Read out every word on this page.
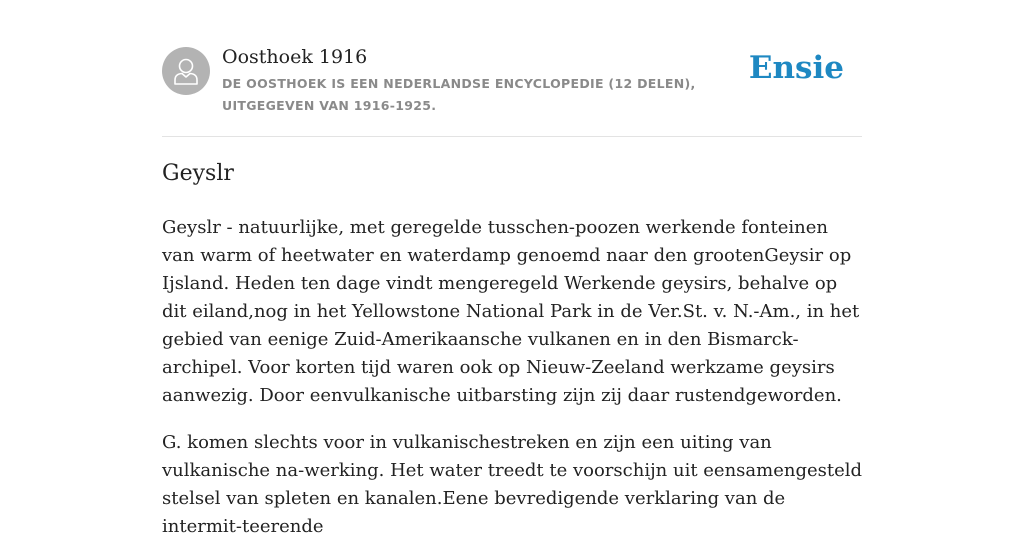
Oosthoek 1916
DE OOSTHOEK IS EEN NEDERLANDSE ENCYCLOPEDIE (12 DELEN), UITGEGEVEN VAN 1916-1925.
Ensie
Geyslr

Geyslr - natuurlijke, met geregelde tusschen-poozen werkende fonteinen van warm of heetwater en waterdamp genoemd naar den grootenGeysir op Ijsland. Heden ten dage vindt mengeregeld Werkende geysirs, behalve op dit eiland,nog in het Yellowstone National Park in de Ver.St. v. N.-Am., in het gebied van eenige Zuid-Amerikaansche vulkanen en in den Bismarck-archipel. Voor korten tijd waren ook op Nieuw-Zeeland werkzame geysirs aanwezig. Door eenvulkanische uitbarsting zijn zij daar rustendgeworden.

G. komen slechts voor in vulkanischestreken en zijn een uiting van vulkanische na-werking. Het water treedt te voorschijn uit eensamengesteld stelsel van spleten en kanalen.Eene bevredigende verklaring van de intermit-teerende
